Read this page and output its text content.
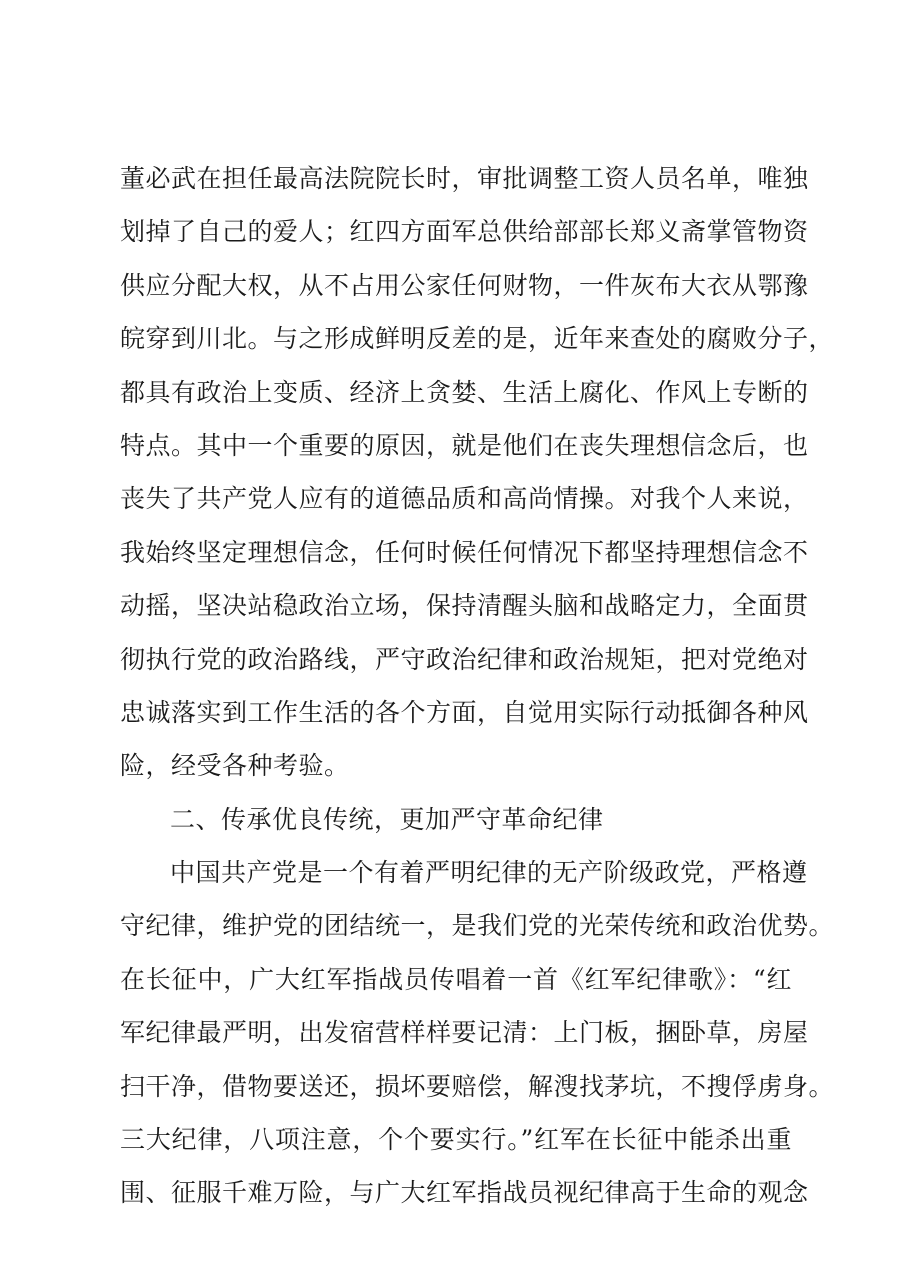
董必武在担任最高法院院长时，审批调整工资人员名单，唯独
划掉了自己的爱人；红四方面军总供给部部长郑义斋掌管物资
供应分配大权，从不占用公家任何财物，一件灰布大衣从鄂豫
皖穿到川北。与之形成鲜明反差的是，近年来查处的腐败分子，
都具有政治上变质、经济上贪婪、生活上腐化、作风上专断的
特点。其中一个重要的原因，就是他们在丧失理想信念后，也
丧失了共产党人应有的道德品质和高尚情操。对我个人来说，
我始终坚定理想信念，任何时候任何情况下都坚持理想信念不
动摇，坚决站稳政治立场，保持清醒头脑和战略定力，全面贯
彻执行党的政治路线，严守政治纪律和政治规矩，把对党绝对
忠诚落实到工作生活的各个方面，自觉用实际行动抵御各种风
险，经受各种考验。
二、传承优良传统，更加严守革命纪律
中国共产党是一个有着严明纪律的无产阶级政党，严格遵
守纪律，维护党的团结统一，是我们党的光荣传统和政治优势。
在长征中，广大红军指战员传唱着一首《红军纪律歌》：“红
军纪律最严明，出发宿营样样要记清：上门板，捆卧草，房屋
扫干净，借物要送还，损坏要赔偿，解溲找茅坑，不搜俘虏身。
三大纪律，八项注意，个个要实行。”红军在长征中能杀出重
围、征服千难万险，与广大红军指战员视纪律高于生命的观念
